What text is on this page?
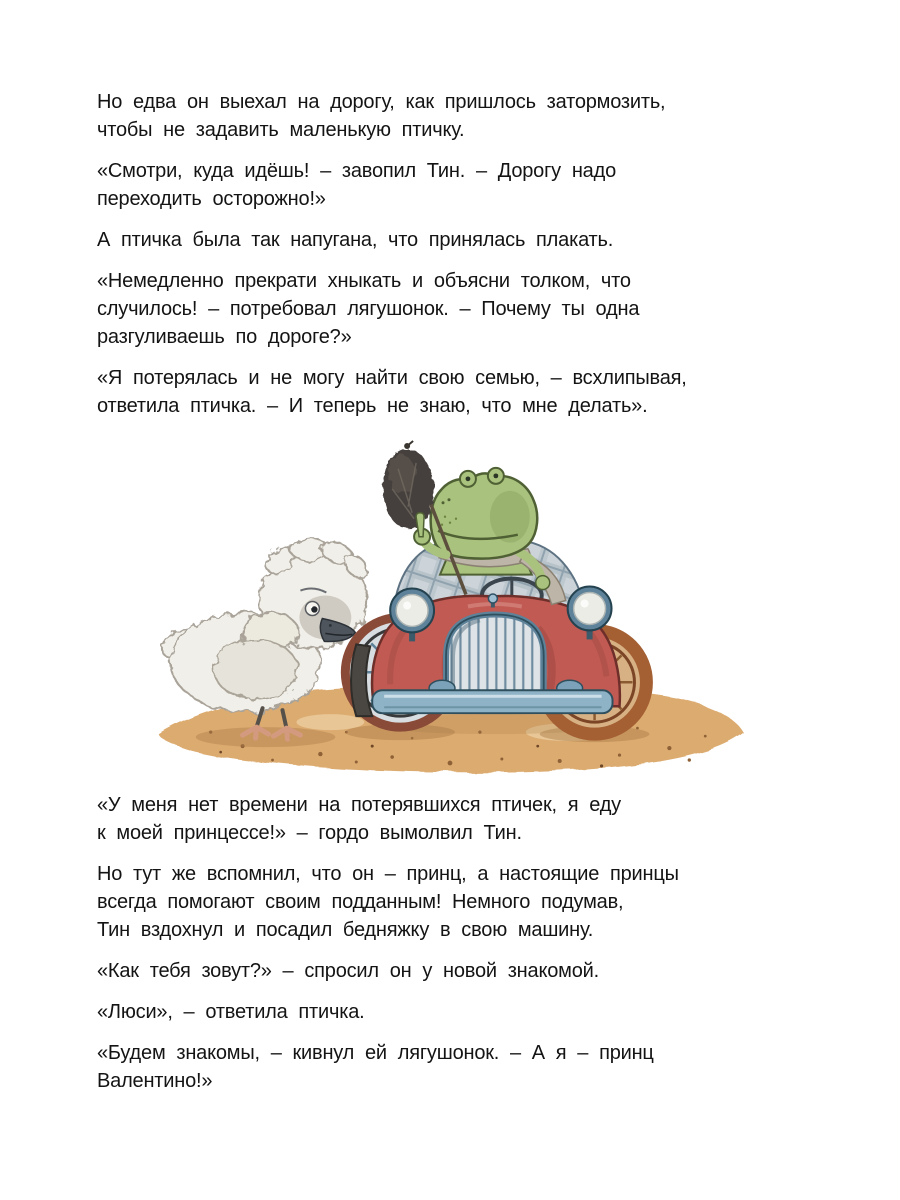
Но едва он выехал на дорогу, как пришлось затормозить,
чтобы не задавить маленькую птичку.

«Смотри, куда идёшь! – завопил Тин. – Дорогу надо
переходить осторожно!»

А птичка была так напугана, что принялась плакать.

«Немедленно прекрати хныкать и объясни толком, что
случилось! – потребовал лягушонок. – Почему ты одна
разгуливаешь по дороге?»

«Я потерялась и не могу найти свою семью, – всхлипывая,
ответила птичка. – И теперь не знаю, что мне делать».

«У меня нет времени на потерявшихся птичек, я еду
к моей принцессе!» – гордо вымолвил Тин.

Но тут же вспомнил, что он – принц, а настоящие принцы
всегда помогают своим подданным! Немного подумав,
Тин вздохнул и посадил бедняжку в свою машину.

«Как тебя зовут?» – спросил он у новой знакомой.

«Люси», – ответила птичка.

«Будем знакомы, – кивнул ей лягушонок. – А я – принц
Валентино!»
